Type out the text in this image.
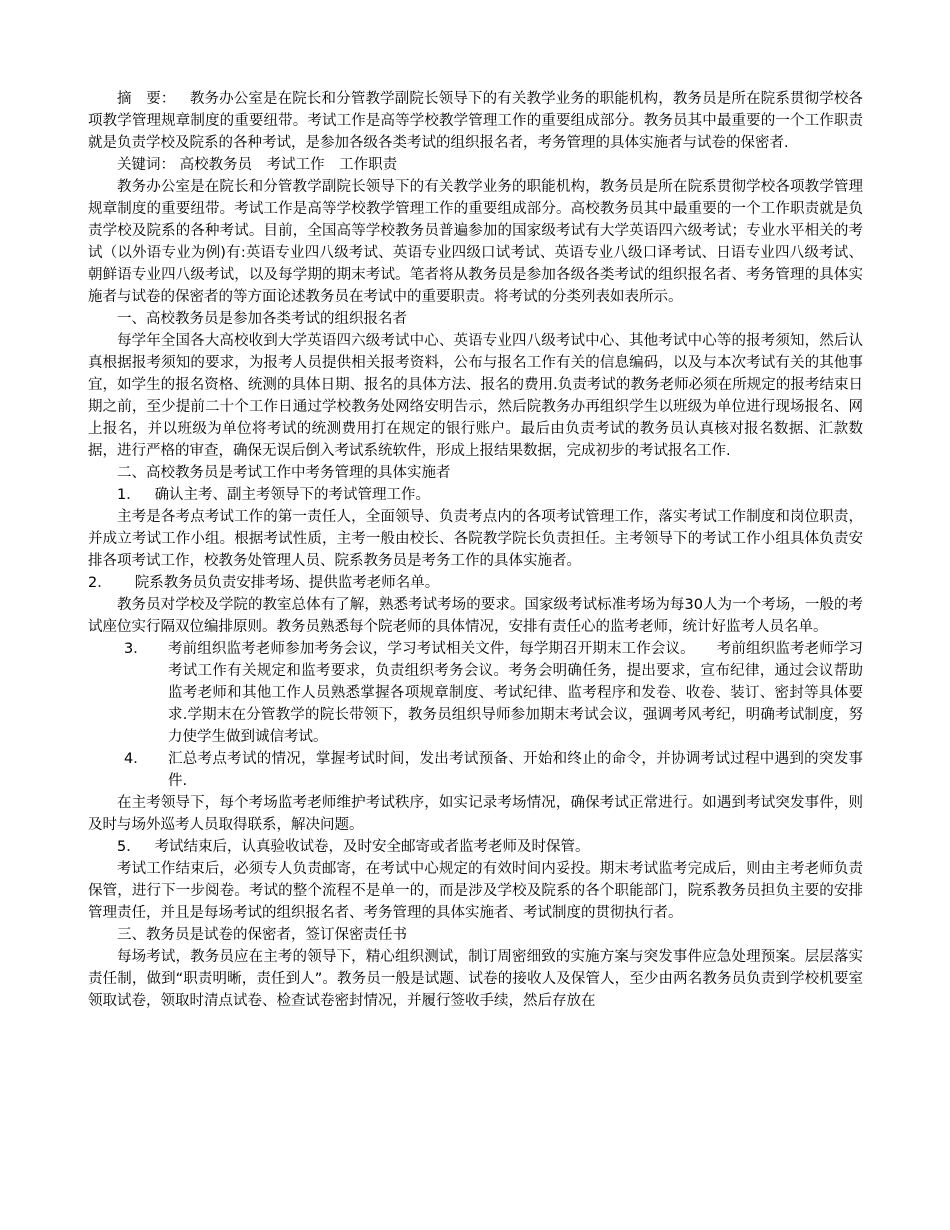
摘　要： 教务办公室是在院长和分管教学副院长领导下的有关教学业务的职能机构，教务员是所在院系贯彻学校各项教学管理规章制度的重要纽带。考试工作是高等学校教学管理工作的重要组成部分。教务员其中最重要的一个工作职责就是负责学校及院系的各种考试，是参加各级各类考试的组织报名者，考务管理的具体实施者与试卷的保密者.

关键词： 高校教务员　考试工作　工作职责

教务办公室是在院长和分管教学副院长领导下的有关教学业务的职能机构，教务员是所在院系贯彻学校各项教学管理规章制度的重要纽带。考试工作是高等学校教学管理工作的重要组成部分。高校教务员其中最重要的一个工作职责就是负责学校及院系的各种考试。目前，全国高等学校教务员普遍参加的国家级考试有大学英语四六级考试；专业水平相关的考试（以外语专业为例)有:英语专业四八级考试、英语专业四级口试考试、英语专业八级口译考试、日语专业四八级考试、朝鲜语专业四八级考试，以及每学期的期末考试。笔者将从教务员是参加各级各类考试的组织报名者、考务管理的具体实施者与试卷的保密者的等方面论述教务员在考试中的重要职责。将考试的分类列表如表所示。

一、高校教务员是参加各类考试的组织报名者

每学年全国各大高校收到大学英语四六级考试中心、英语专业四八级考试中心、其他考试中心等的报考须知，然后认真根据报考须知的要求，为报考人员提供相关报考资料，公布与报名工作有关的信息编码，以及与本次考试有关的其他事宜，如学生的报名资格、统测的具体日期、报名的具体方法、报名的费用.负责考试的教务老师必须在所规定的报考结束日期之前，至少提前二十个工作日通过学校教务处网络安明告示，然后院教务办再组织学生以班级为单位进行现场报名、网上报名，并以班级为单位将考试的统测费用打在规定的银行账户。最后由负责考试的教务员认真核对报名数据、汇款数据，进行严格的审查，确保无误后倒入考试系统软件，形成上报结果数据，完成初步的考试报名工作.

二、高校教务员是考试工作中考务管理的具体实施者

1． 确认主考、副主考领导下的考试管理工作。

主考是各考点考试工作的第一责任人，全面领导、负责考点内的各项考试管理工作，落实考试工作制度和岗位职责，并成立考试工作小组。根据考试性质，主考一般由校长、各院教学院长负责担任。主考领导下的考试工作小组具体负责安排各项考试工作，校教务处管理人员、院系教务员是考务工作的具体实施者。

2． 院系教务员负责安排考场、提供监考老师名单。

教务员对学校及学院的教室总体有了解，熟悉考试考场的要求。国家级考试标准考场为每30人为一个考场，一般的考试座位实行隔双位编排原则。教务员熟悉每个院老师的具体情况，安排有责任心的监考老师，统计好监考人员名单。

3．	考前组织监考老师参加考务会议，学习考试相关文件，每学期召开期末工作会议。　　考前组织监考老师学习考试工作有关规定和监考要求，负责组织考务会议。考务会明确任务，提出要求，宣布纪律，通过会议帮助监考老师和其他工作人员熟悉掌握各项规章制度、考试纪律、监考程序和发卷、收卷、装订、密封等具体要求.学期末在分管教学的院长带领下，教务员组织导师参加期末考试会议，强调考风考纪，明确考试制度，努力使学生做到诚信考试。
4．	汇总考点考试的情况，掌握考试时间，发出考试预备、开始和终止的命令，并协调考试过程中遇到的突发事件.

在主考领导下，每个考场监考老师维护考试秩序，如实记录考场情况，确保考试正常进行。如遇到考试突发事件，则及时与场外巡考人员取得联系，解决问题。

5． 考试结束后，认真验收试卷，及时安全邮寄或者监考老师及时保管。

考试工作结束后，必须专人负责邮寄，在考试中心规定的有效时间内妥投。期末考试监考完成后，则由主考老师负责保管，进行下一步阅卷。考试的整个流程不是单一的，而是涉及学校及院系的各个职能部门，院系教务员担负主要的安排管理责任，并且是每场考试的组织报名者、考务管理的具体实施者、考试制度的贯彻执行者。

三、教务员是试卷的保密者，签订保密责任书

每场考试，教务员应在主考的领导下，精心组织测试，制订周密细致的实施方案与突发事件应急处理预案。层层落实责任制，做到“职责明晰，责任到人”。教务员一般是试题、试卷的接收人及保管人，至少由两名教务员负责到学校机要室领取试卷，领取时清点试卷、检查试卷密封情况，并履行签收手续，然后存放在
